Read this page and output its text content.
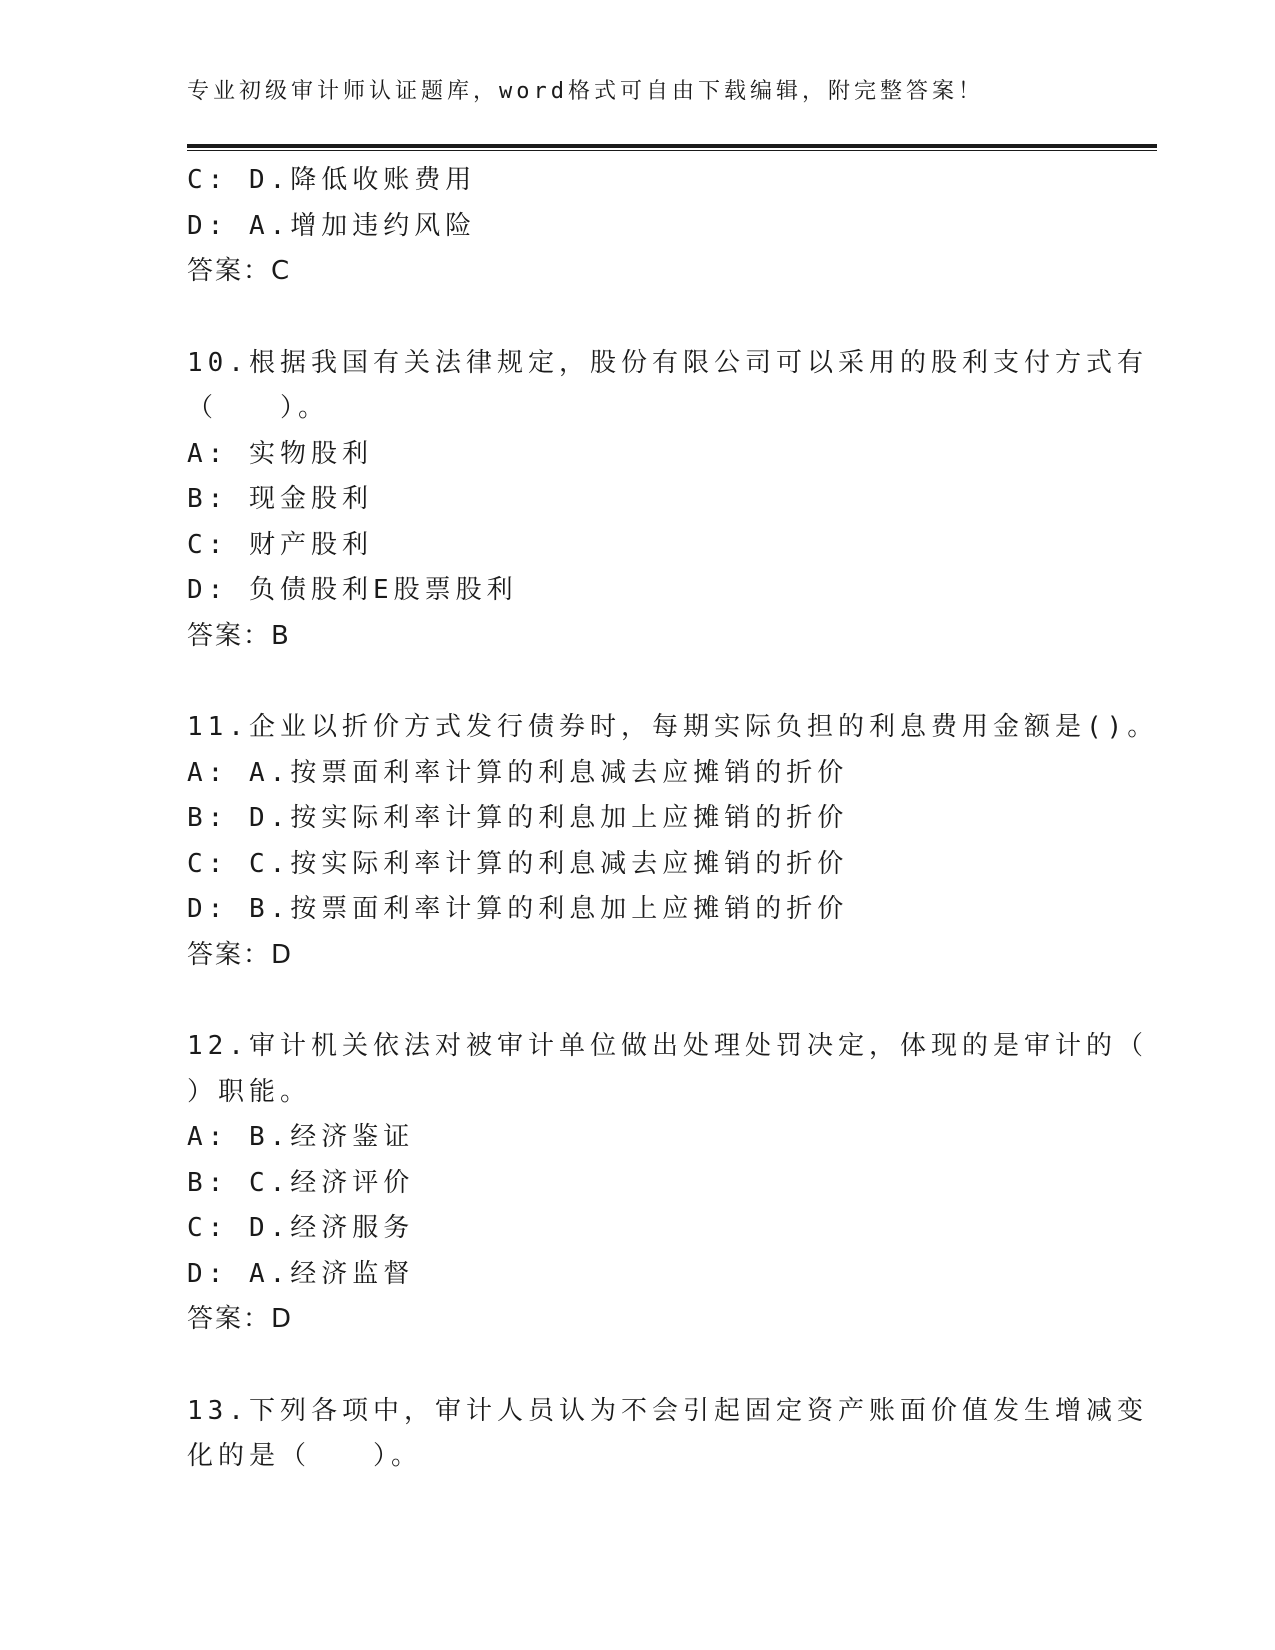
专业初级审计师认证题库，word格式可自由下载编辑，附完整答案！
C: D.降低收账费用
D: A.增加违约风险
答案：C
10.根据我国有关法律规定，股份有限公司可以采用的股利支付方式有
（　　）。
A: 实物股利
B: 现金股利
C: 财产股利
D: 负债股利E股票股利
答案：B
11.企业以折价方式发行债券时，每期实际负担的利息费用金额是()。
A: A.按票面利率计算的利息减去应摊销的折价
B: D.按实际利率计算的利息加上应摊销的折价
C: C.按实际利率计算的利息减去应摊销的折价
D: B.按票面利率计算的利息加上应摊销的折价
答案：D
12.审计机关依法对被审计单位做出处理处罚决定，体现的是审计的（
）职能。
A: B.经济鉴证
B: C.经济评价
C: D.经济服务
D: A.经济监督
答案：D
13.下列各项中，审计人员认为不会引起固定资产账面价值发生增减变
化的是（　　）。
